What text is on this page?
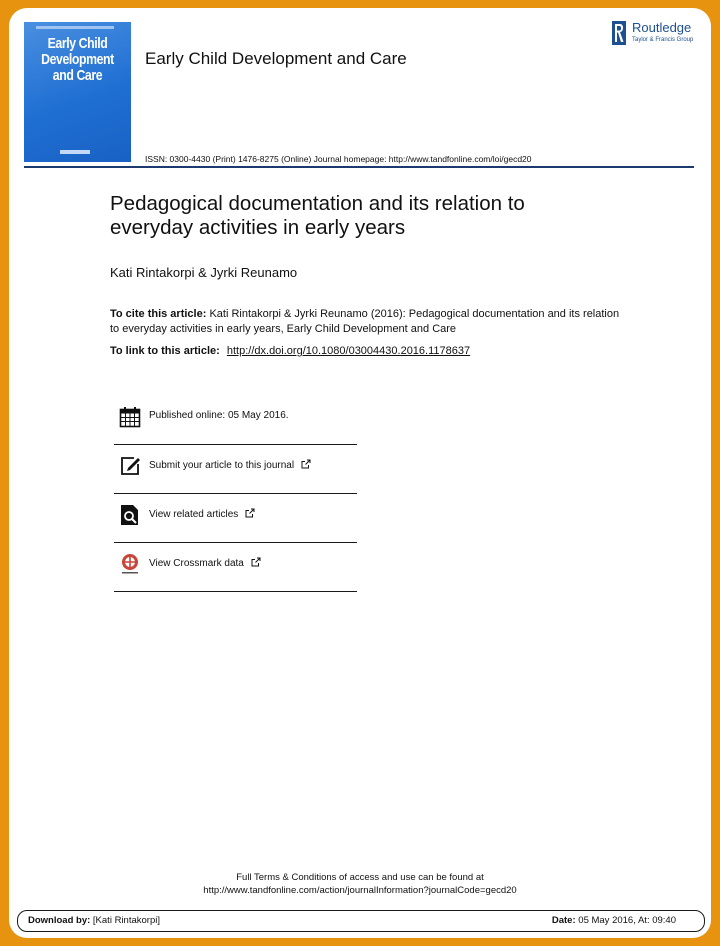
Early Child Development and Care
Early Child Development and Care
ISSN: 0300-4430 (Print) 1476-8275 (Online) Journal homepage: http://www.tandfonline.com/loi/gecd20
Routledge
Taylor & Francis Group
Pedagogical documentation and its relation to everyday activities in early years
Kati Rintakorpi & Jyrki Reunamo
To cite this article: Kati Rintakorpi & Jyrki Reunamo (2016): Pedagogical documentation and its relation to everyday activities in early years, Early Child Development and Care
To link to this article: http://dx.doi.org/10.1080/03004430.2016.1178637
Published online: 05 May 2016.
Submit your article to this journal
View related articles
View Crossmark data
Full Terms & Conditions of access and use can be found at
http://www.tandfonline.com/action/journalInformation?journalCode=gecd20
Download by: [Kati Rintakorpi]	Date: 05 May 2016, At: 09:40
